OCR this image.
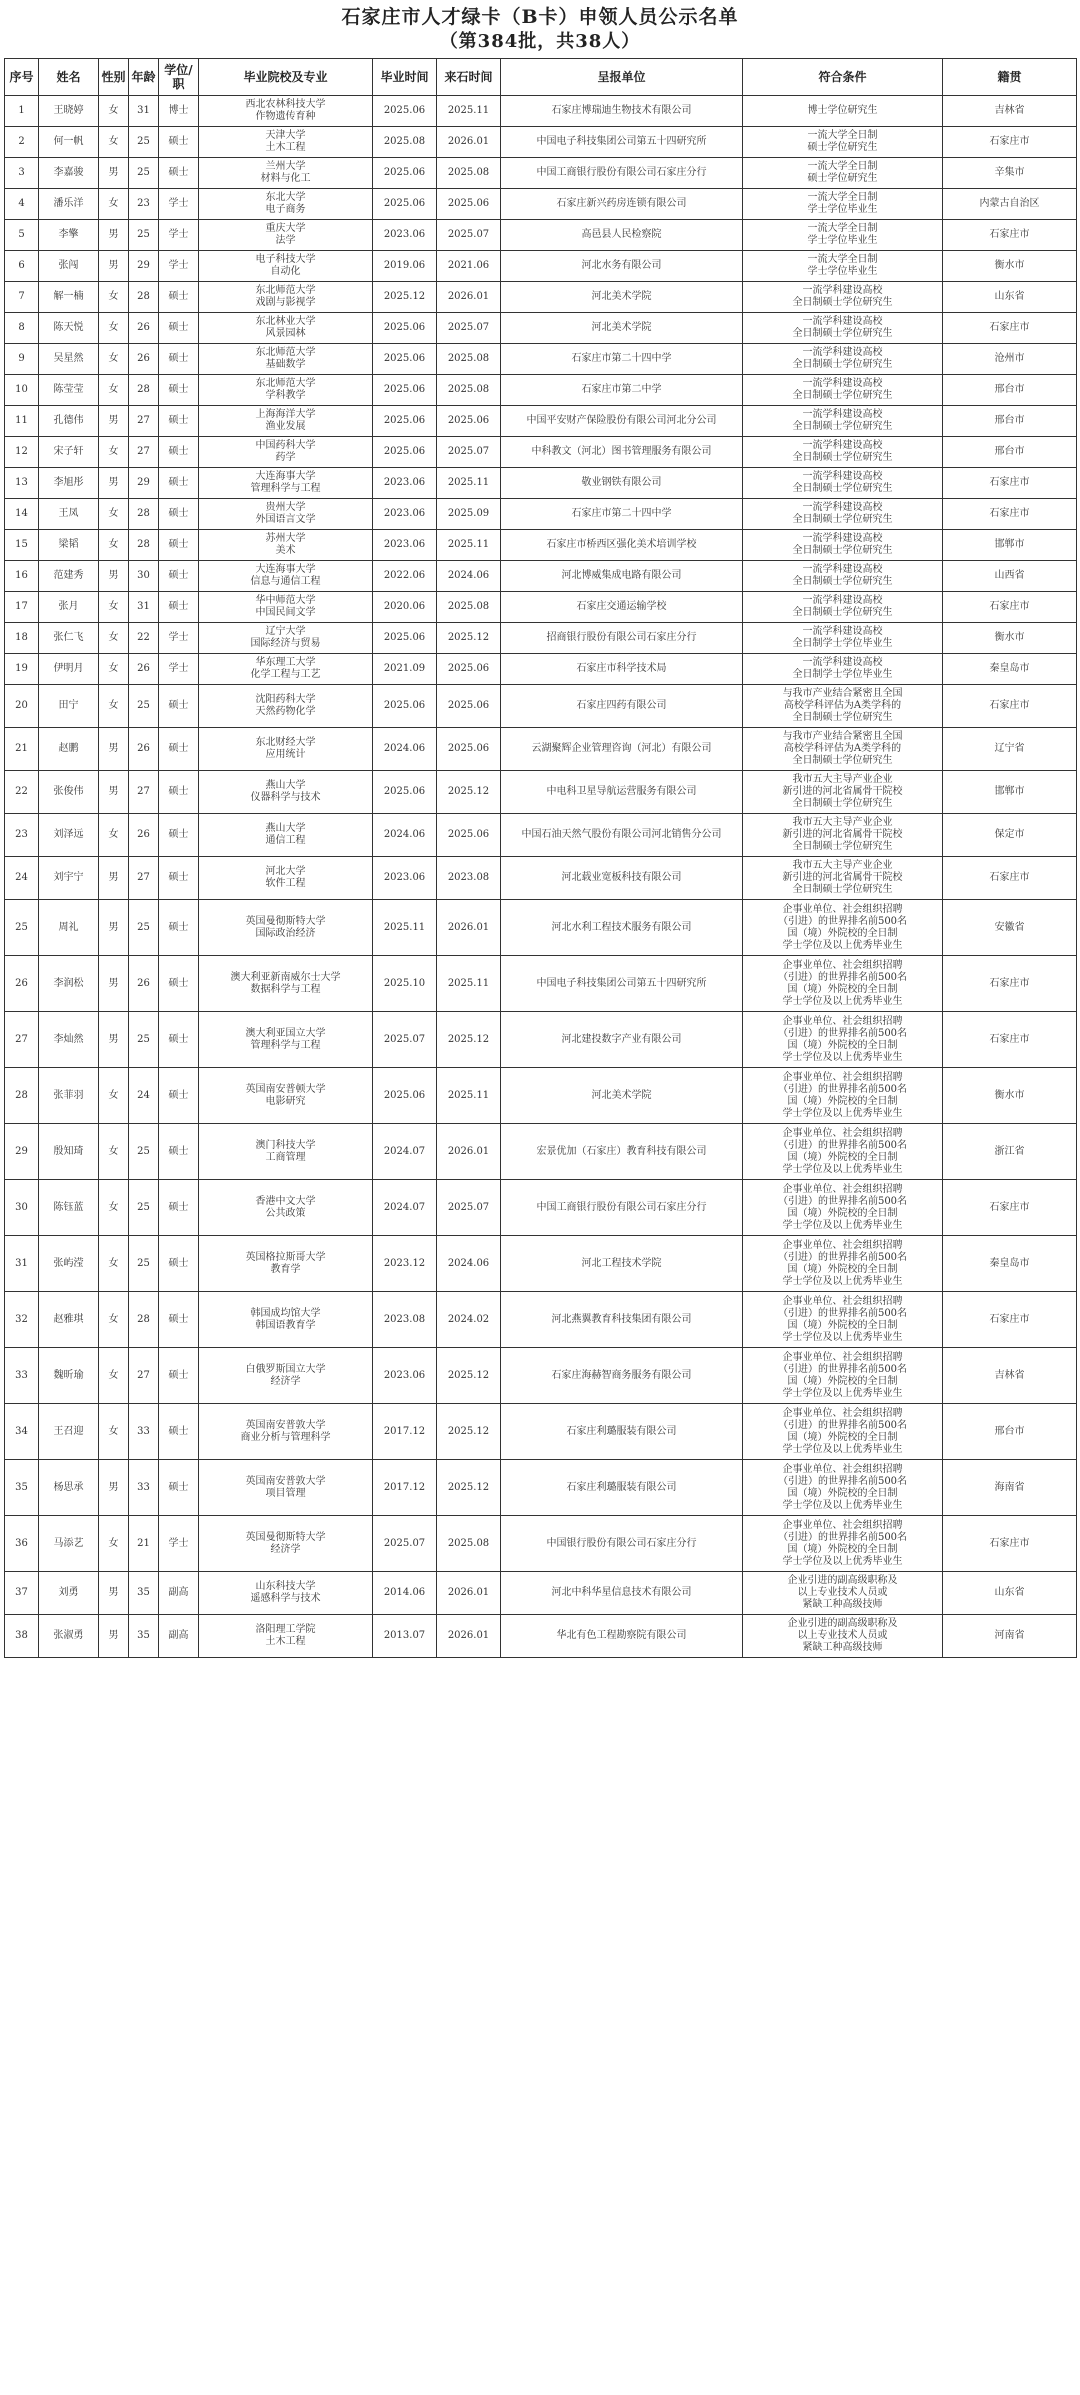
石家庄市人才绿卡（B卡）申领人员公示名单
（第384批，共38人）
序号	姓名	性别	年龄	学位/职	毕业院校及专业	毕业时间	来石时间	呈报单位	符合条件	籍贯
1	王晓婷	女	31	博士	西北农林科技大学
作物遗传育种	2025.06	2025.11	石家庄博瑞迪生物技术有限公司	博士学位研究生	吉林省
2	何一帆	女	25	硕士	天津大学
土木工程	2025.08	2026.01	中国电子科技集团公司第五十四研究所	一流大学全日制
硕士学位研究生	石家庄市
3	李嘉骏	男	25	硕士	兰州大学
材料与化工	2025.06	2025.08	中国工商银行股份有限公司石家庄分行	一流大学全日制
硕士学位研究生	辛集市
4	潘乐洋	女	23	学士	东北大学
电子商务	2025.06	2025.06	石家庄新兴药房连锁有限公司	一流大学全日制
学士学位毕业生	内蒙古自治区
5	李擎	男	25	学士	重庆大学
法学	2023.06	2025.07	高邑县人民检察院	一流大学全日制
学士学位毕业生	石家庄市
6	张闯	男	29	学士	电子科技大学
自动化	2019.06	2021.06	河北水务有限公司	一流大学全日制
学士学位毕业生	衡水市
7	解一楠	女	28	硕士	东北师范大学
戏剧与影视学	2025.12	2026.01	河北美术学院	一流学科建设高校
全日制硕士学位研究生	山东省
8	陈天悦	女	26	硕士	东北林业大学
风景园林	2025.06	2025.07	河北美术学院	一流学科建设高校
全日制硕士学位研究生	石家庄市
9	吴星然	女	26	硕士	东北师范大学
基础数学	2025.06	2025.08	石家庄市第二十四中学	一流学科建设高校
全日制硕士学位研究生	沧州市
10	陈莹莹	女	28	硕士	东北师范大学
学科教学	2025.06	2025.08	石家庄市第二中学	一流学科建设高校
全日制硕士学位研究生	邢台市
11	孔德伟	男	27	硕士	上海海洋大学
渔业发展	2025.06	2025.06	中国平安财产保险股份有限公司河北分公司	一流学科建设高校
全日制硕士学位研究生	邢台市
12	宋子轩	女	27	硕士	中国药科大学
药学	2025.06	2025.07	中科教文（河北）图书管理服务有限公司	一流学科建设高校
全日制硕士学位研究生	邢台市
13	李旭彤	男	29	硕士	大连海事大学
管理科学与工程	2023.06	2025.11	敬业钢铁有限公司	一流学科建设高校
全日制硕士学位研究生	石家庄市
14	王凤	女	28	硕士	贵州大学
外国语言文学	2023.06	2025.09	石家庄市第二十四中学	一流学科建设高校
全日制硕士学位研究生	石家庄市
15	梁韬	女	28	硕士	苏州大学
美术	2023.06	2025.11	石家庄市桥西区强化美术培训学校	一流学科建设高校
全日制硕士学位研究生	邯郸市
16	范建秀	男	30	硕士	大连海事大学
信息与通信工程	2022.06	2024.06	河北博威集成电路有限公司	一流学科建设高校
全日制硕士学位研究生	山西省
17	张月	女	31	硕士	华中师范大学
中国民间文学	2020.06	2025.08	石家庄交通运输学校	一流学科建设高校
全日制硕士学位研究生	石家庄市
18	张仁飞	女	22	学士	辽宁大学
国际经济与贸易	2025.06	2025.12	招商银行股份有限公司石家庄分行	一流学科建设高校
全日制学士学位毕业生	衡水市
19	伊明月	女	26	学士	华东理工大学
化学工程与工艺	2021.09	2025.06	石家庄市科学技术局	一流学科建设高校
全日制学士学位毕业生	秦皇岛市
20	田宁	女	25	硕士	沈阳药科大学
天然药物化学	2025.06	2025.06	石家庄四药有限公司	与我市产业结合紧密且全国
高校学科评估为A类学科的
全日制硕士学位研究生	石家庄市
21	赵鹏	男	26	硕士	东北财经大学
应用统计	2024.06	2025.06	云湖聚辉企业管理咨询（河北）有限公司	与我市产业结合紧密且全国
高校学科评估为A类学科的
全日制硕士学位研究生	辽宁省
22	张俊伟	男	27	硕士	燕山大学
仪器科学与技术	2025.06	2025.12	中电科卫星导航运营服务有限公司	我市五大主导产业企业
新引进的河北省属骨干院校
全日制硕士学位研究生	邯郸市
23	刘泽远	女	26	硕士	燕山大学
通信工程	2024.06	2025.06	中国石油天然气股份有限公司河北销售分公司	我市五大主导产业企业
新引进的河北省属骨干院校
全日制硕士学位研究生	保定市
24	刘宇宁	男	27	硕士	河北大学
软件工程	2023.06	2023.08	河北载业宽板科技有限公司	我市五大主导产业企业
新引进的河北省属骨干院校
全日制硕士学位研究生	石家庄市
25	周礼	男	25	硕士	英国曼彻斯特大学
国际政治经济	2025.11	2026.01	河北水利工程技术服务有限公司	企事业单位、社会组织招聘
（引进）的世界排名前500名
国（境）外院校的全日制
学士学位及以上优秀毕业生	安徽省
26	李润松	男	26	硕士	澳大利亚新南威尔士大学
数据科学与工程	2025.10	2025.11	中国电子科技集团公司第五十四研究所	企事业单位、社会组织招聘
（引进）的世界排名前500名
国（境）外院校的全日制
学士学位及以上优秀毕业生	石家庄市
27	李灿然	男	25	硕士	澳大利亚国立大学
管理科学与工程	2025.07	2025.12	河北建投数字产业有限公司	企事业单位、社会组织招聘
（引进）的世界排名前500名
国（境）外院校的全日制
学士学位及以上优秀毕业生	石家庄市
28	张菲羽	女	24	硕士	英国南安普顿大学
电影研究	2025.06	2025.11	河北美术学院	企事业单位、社会组织招聘
（引进）的世界排名前500名
国（境）外院校的全日制
学士学位及以上优秀毕业生	衡水市
29	殷知琦	女	25	硕士	澳门科技大学
工商管理	2024.07	2026.01	宏景优加（石家庄）教育科技有限公司	企事业单位、社会组织招聘
（引进）的世界排名前500名
国（境）外院校的全日制
学士学位及以上优秀毕业生	浙江省
30	陈钰蓝	女	25	硕士	香港中文大学
公共政策	2024.07	2025.07	中国工商银行股份有限公司石家庄分行	企事业单位、社会组织招聘
（引进）的世界排名前500名
国（境）外院校的全日制
学士学位及以上优秀毕业生	石家庄市
31	张屿滢	女	25	硕士	英国格拉斯哥大学
教育学	2023.12	2024.06	河北工程技术学院	企事业单位、社会组织招聘
（引进）的世界排名前500名
国（境）外院校的全日制
学士学位及以上优秀毕业生	秦皇岛市
32	赵雅琪	女	28	硕士	韩国成均馆大学
韩国语教育学	2023.08	2024.02	河北燕翼教育科技集团有限公司	企事业单位、社会组织招聘
（引进）的世界排名前500名
国（境）外院校的全日制
学士学位及以上优秀毕业生	石家庄市
33	魏昕瑜	女	27	硕士	白俄罗斯国立大学
经济学	2023.06	2025.12	石家庄海赫智商务服务有限公司	企事业单位、社会组织招聘
（引进）的世界排名前500名
国（境）外院校的全日制
学士学位及以上优秀毕业生	吉林省
34	王召迎	女	33	硕士	英国南安普敦大学
商业分析与管理科学	2017.12	2025.12	石家庄利璐服装有限公司	企事业单位、社会组织招聘
（引进）的世界排名前500名
国（境）外院校的全日制
学士学位及以上优秀毕业生	邢台市
35	杨思承	男	33	硕士	英国南安普敦大学
项目管理	2017.12	2025.12	石家庄利璐服装有限公司	企事业单位、社会组织招聘
（引进）的世界排名前500名
国（境）外院校的全日制
学士学位及以上优秀毕业生	海南省
36	马添艺	女	21	学士	英国曼彻斯特大学
经济学	2025.07	2025.08	中国银行股份有限公司石家庄分行	企事业单位、社会组织招聘
（引进）的世界排名前500名
国（境）外院校的全日制
学士学位及以上优秀毕业生	石家庄市
37	刘勇	男	35	副高	山东科技大学
遥感科学与技术	2014.06	2026.01	河北中科华星信息技术有限公司	企业引进的副高级职称及
以上专业技术人员或
紧缺工种高级技师	山东省
38	张淑勇	男	35	副高	洛阳理工学院
土木工程	2013.07	2026.01	华北有色工程勘察院有限公司	企业引进的副高级职称及
以上专业技术人员或
紧缺工种高级技师	河南省
